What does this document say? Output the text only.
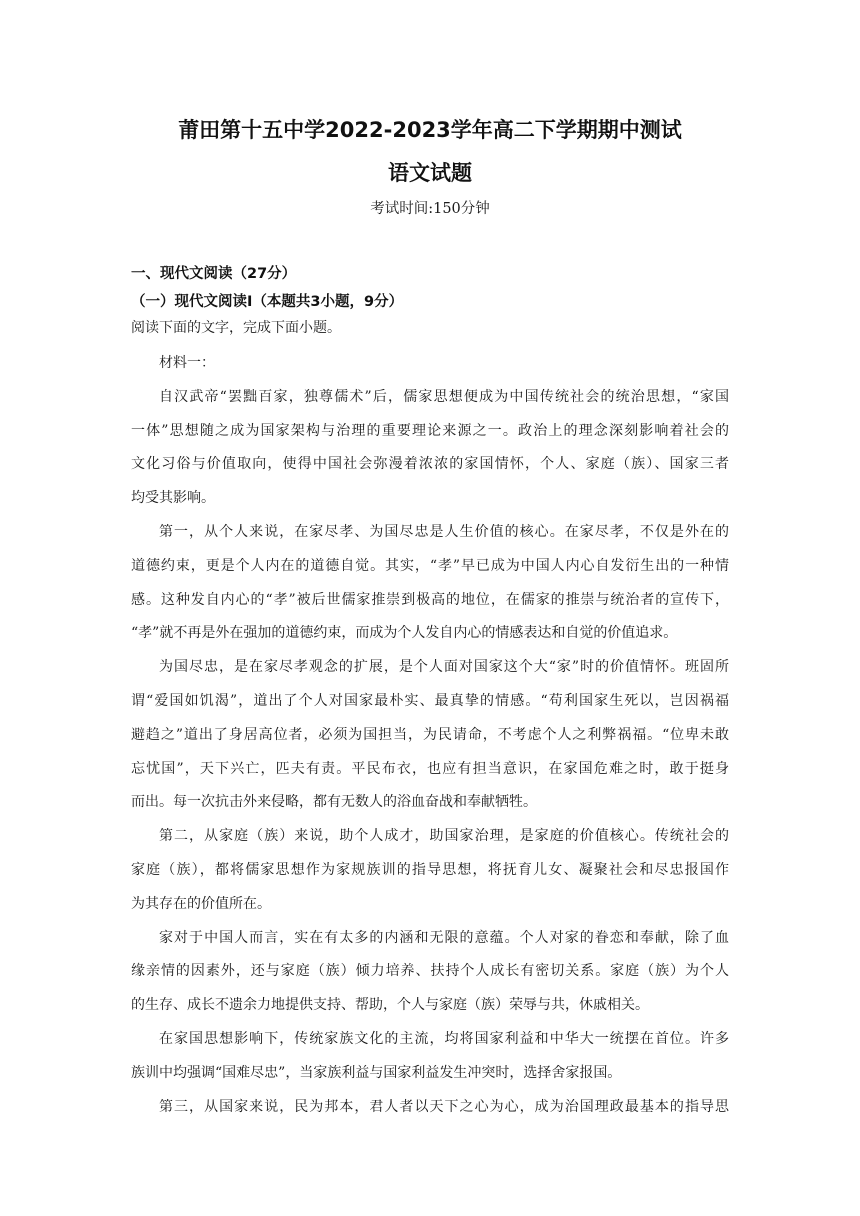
莆田第十五中学2022-2023学年高二下学期期中测试
语文试题
考试时间:150分钟
一、现代文阅读（27分）
（一）现代文阅读Ⅰ（本题共3小题，9分）
阅读下面的文字，完成下面小题。
材料一：
自汉武帝“罢黜百家，独尊儒术”后，儒家思想便成为中国传统社会的统治思想，“家国
一体”思想随之成为国家架构与治理的重要理论来源之一。政治上的理念深刻影响着社会的
文化习俗与价值取向，使得中国社会弥漫着浓浓的家国情怀，个人、家庭（族）、国家三者
均受其影响。
第一，从个人来说，在家尽孝、为国尽忠是人生价值的核心。在家尽孝，不仅是外在的
道德约束，更是个人内在的道德自觉。其实，“孝”早已成为中国人内心自发衍生出的一种情
感。这种发自内心的“孝”被后世儒家推崇到极高的地位，在儒家的推崇与统治者的宣传下，
“孝”就不再是外在强加的道德约束，而成为个人发自内心的情感表达和自觉的价值追求。
为国尽忠，是在家尽孝观念的扩展，是个人面对国家这个大“家”时的价值情怀。班固所
谓“爱国如饥渴”，道出了个人对国家最朴实、最真挚的情感。“苟利国家生死以，岂因祸福
避趋之”道出了身居高位者，必须为国担当，为民请命，不考虑个人之利弊祸福。“位卑未敢
忘忧国”，天下兴亡，匹夫有责。平民布衣，也应有担当意识，在家国危难之时，敢于挺身
而出。每一次抗击外来侵略，都有无数人的浴血奋战和奉献牺牲。
第二，从家庭（族）来说，助个人成才，助国家治理，是家庭的价值核心。传统社会的
家庭（族），都将儒家思想作为家规族训的指导思想，将抚育儿女、凝聚社会和尽忠报国作
为其存在的价值所在。
家对于中国人而言，实在有太多的内涵和无限的意蕴。个人对家的眷恋和奉献，除了血
缘亲情的因素外，还与家庭（族）倾力培养、扶持个人成长有密切关系。家庭（族）为个人
的生存、成长不遗余力地提供支持、帮助，个人与家庭（族）荣辱与共，休戚相关。
在家国思想影响下，传统家族文化的主流，均将国家利益和中华大一统摆在首位。许多
族训中均强调“国难尽忠”，当家族利益与国家利益发生冲突时，选择舍家报国。
第三，从国家来说，民为邦本，君人者以天下之心为心，成为治国理政最基本的指导思
